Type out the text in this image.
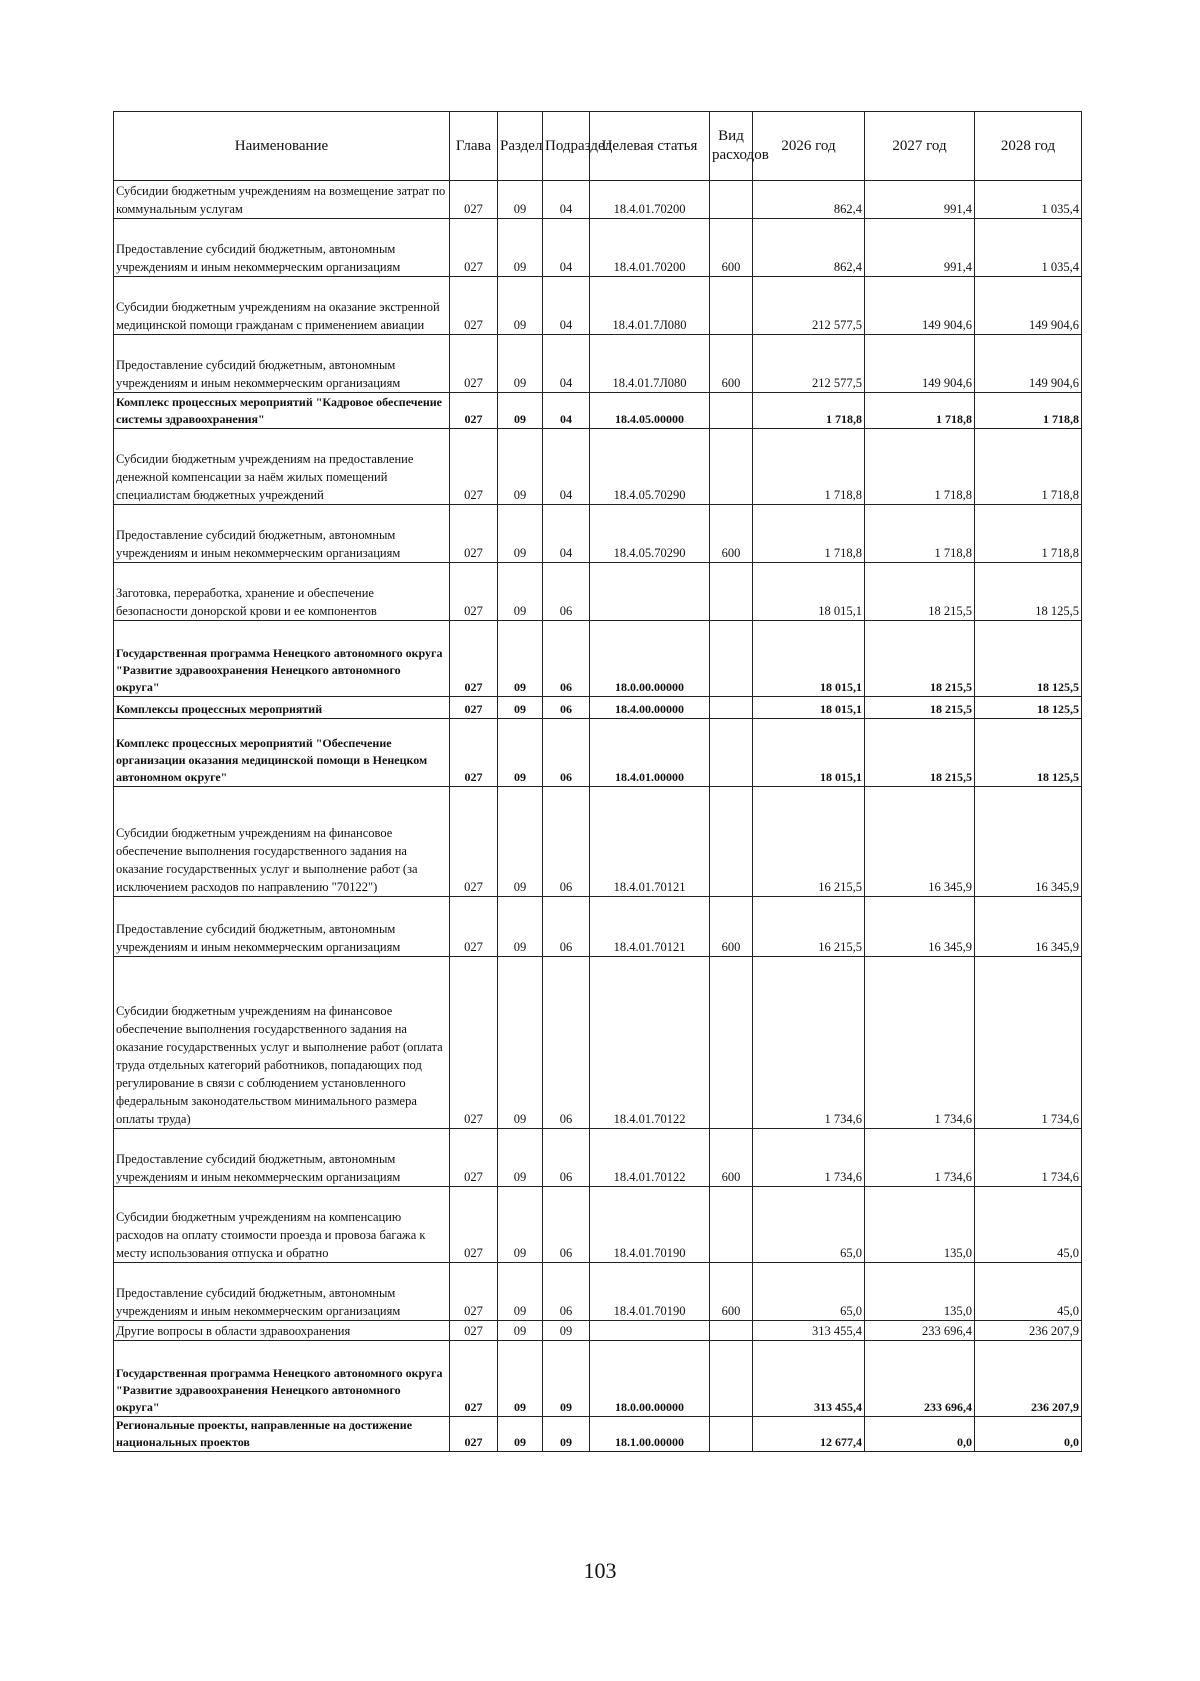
Наименование	Глава	Раздел	Подраздел	Целевая статья	Вид расходов	2026 год	2027 год	2028 год
Субсидии бюджетным учреждениям на возмещение затрат по коммунальным услугам	027	09	04	18.4.01.70200		862,4	991,4	1 035,4
Предоставление субсидий бюджетным, автономным учреждениям и иным некоммерческим организациям	027	09	04	18.4.01.70200	600	862,4	991,4	1 035,4
Субсидии бюджетным учреждениям на оказание экстренной медицинской помощи гражданам с применением авиации	027	09	04	18.4.01.7Л080		212 577,5	149 904,6	149 904,6
Предоставление субсидий бюджетным, автономным учреждениям и иным некоммерческим организациям	027	09	04	18.4.01.7Л080	600	212 577,5	149 904,6	149 904,6
Комплекс процессных мероприятий "Кадровое обеспечение системы здравоохранения"	027	09	04	18.4.05.00000		1 718,8	1 718,8	1 718,8
Субсидии бюджетным учреждениям на предоставление денежной компенсации за наём жилых помещений специалистам бюджетных учреждений	027	09	04	18.4.05.70290		1 718,8	1 718,8	1 718,8
Предоставление субсидий бюджетным, автономным учреждениям и иным некоммерческим организациям	027	09	04	18.4.05.70290	600	1 718,8	1 718,8	1 718,8
Заготовка, переработка, хранение и обеспечение безопасности донорской крови и ее компонентов	027	09	06			18 015,1	18 215,5	18 125,5
Государственная программа Ненецкого автономного округа "Развитие здравоохранения Ненецкого автономного округа"	027	09	06	18.0.00.00000		18 015,1	18 215,5	18 125,5
Комплексы процессных мероприятий	027	09	06	18.4.00.00000		18 015,1	18 215,5	18 125,5
Комплекс процессных мероприятий "Обеспечение организации оказания медицинской помощи в Ненецком автономном округе"	027	09	06	18.4.01.00000		18 015,1	18 215,5	18 125,5
Субсидии бюджетным учреждениям на финансовое обеспечение выполнения государственного задания на оказание государственных услуг и выполнение работ (за исключением расходов по направлению "70122")	027	09	06	18.4.01.70121		16 215,5	16 345,9	16 345,9
Предоставление субсидий бюджетным, автономным учреждениям и иным некоммерческим организациям	027	09	06	18.4.01.70121	600	16 215,5	16 345,9	16 345,9
Субсидии бюджетным учреждениям на финансовое обеспечение выполнения государственного задания на оказание государственных услуг и выполнение работ (оплата труда отдельных категорий работников, попадающих под регулирование в связи с соблюдением установленного федеральным законодательством минимального размера оплаты труда)	027	09	06	18.4.01.70122		1 734,6	1 734,6	1 734,6
Предоставление субсидий бюджетным, автономным учреждениям и иным некоммерческим организациям	027	09	06	18.4.01.70122	600	1 734,6	1 734,6	1 734,6
Субсидии бюджетным учреждениям на компенсацию расходов на оплату стоимости проезда и провоза багажа к месту использования отпуска и обратно	027	09	06	18.4.01.70190		65,0	135,0	45,0
Предоставление субсидий бюджетным, автономным учреждениям и иным некоммерческим организациям	027	09	06	18.4.01.70190	600	65,0	135,0	45,0
Другие вопросы в области здравоохранения	027	09	09			313 455,4	233 696,4	236 207,9
Государственная программа Ненецкого автономного округа "Развитие здравоохранения Ненецкого автономного округа"	027	09	09	18.0.00.00000		313 455,4	233 696,4	236 207,9
Региональные проекты, направленные на достижение национальных проектов	027	09	09	18.1.00.00000		12 677,4	0,0	0,0
103
